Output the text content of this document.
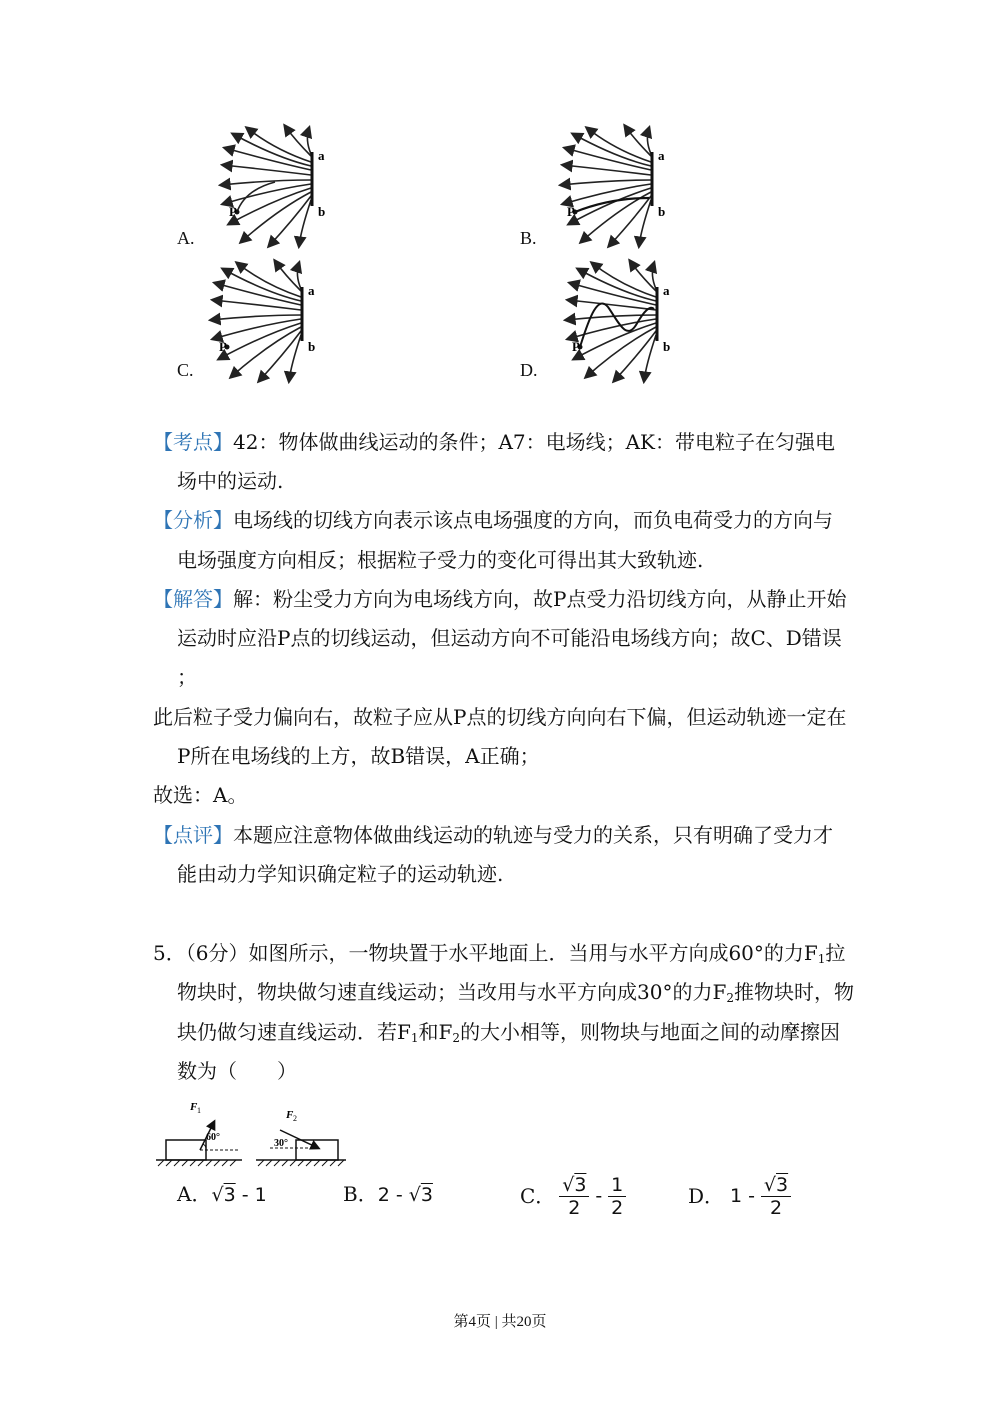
a
b
P
A.
a
b
P
B.
a
b
P
C.
a
b
P
D.
【考点】42：物体做曲线运动的条件；A7：电场线；AK：带电粒子在匀强电
场中的运动.
【分析】电场线的切线方向表示该点电场强度的方向，而负电荷受力的方向与
电场强度方向相反；根据粒子受力的变化可得出其大致轨迹.
【解答】解：粉尘受力方向为电场线方向，故P点受力沿切线方向，从静止开始
运动时应沿P点的切线运动，但运动方向不可能沿电场线方向；故C、D错误
；
此后粒子受力偏向右，故粒子应从P点的切线方向向右下偏，但运动轨迹一定在
P所在电场线的上方，故B错误，A正确；
故选：A。
【点评】本题应注意物体做曲线运动的轨迹与受力的关系，只有明确了受力才
能由动力学知识确定粒子的运动轨迹.
5．（6分）如图所示，一物块置于水平地面上．当用与水平方向成60°的力$F_1$拉
物块时，物块做匀速直线运动；当改用与水平方向成30°的力$F_2$推物块时，物
块仍做匀速直线运动．若$F_1$和$F_2$的大小相等，则物块与地面之间的动摩擦因
数为（　　）
F 1
60°
F 2
30°
A．√3 - 1	B．2 - √3	C． √3
2
-
1
2	D． 1 -
√3
2
第4页 | 共20页
